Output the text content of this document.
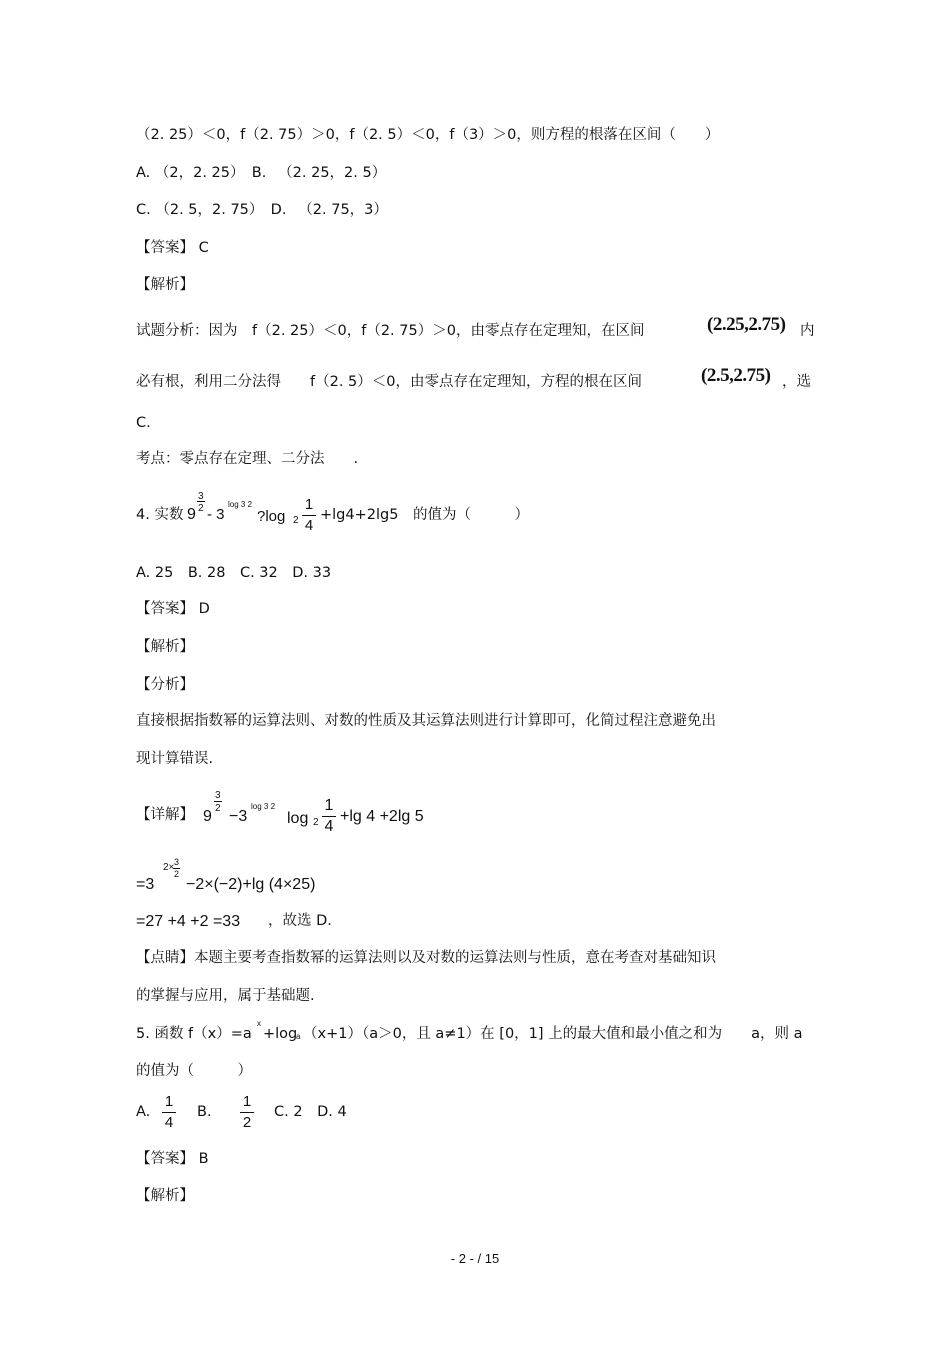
（2. 25）＜0，f（2. 75）＞0，f（2. 5）＜0，f（3）＞0，则方程的根落在区间（　　）
A. （2，2. 25）　B. 　（2. 25，2. 5）
C. （2. 5，2. 75）　D. 　（2. 75，3）
【答案】 C
【解析】
试题分析：因为　f（2. 25）＜0，f（2. 75）＞0，由零点存在定理知，在区间	(2.25,2.75) 内
必有根，利用二分法得　　f（2. 5）＜0，由零点存在定理知，方程的根在区间	(2.5,2.75) ，选
C.
考点：零点存在定理、二分法　　.
4. 实数 9
3
2 - 3
log 3 2
?log 2
1
4
+lg4+2lg5　的值为（　　　）
A. 25　B. 28　C. 32　D. 33
【答案】 D
【解析】
【分析】
直接根据指数幂的运算法则、对数的性质及其运算法则进行计算即可，化简过程注意避免出
现计算错误.
【详解】 9
3
2 −3
log 3 2
log 2
1
4
+lg 4 +2lg 5
=3
2× 3
2
−2×(−2)+lg (4×25)
=27 +4 +2 =33 ，故选 D.
【点睛】本题主要考查指数幂的运算法则以及对数的运算法则与性质，意在考查对基础知识
的掌握与应用，属于基础题.
5. 函数 f（x）=a
x
+log
a （x+1）（a＞0，且 a≠1）在 [0，1] 上的最大值和最小值之和为　　a，则 a
的值为（　　　）
A.
1
4
B.
1
2
C. 2　D. 4
【答案】 B
【解析】
- 2 - / 15
